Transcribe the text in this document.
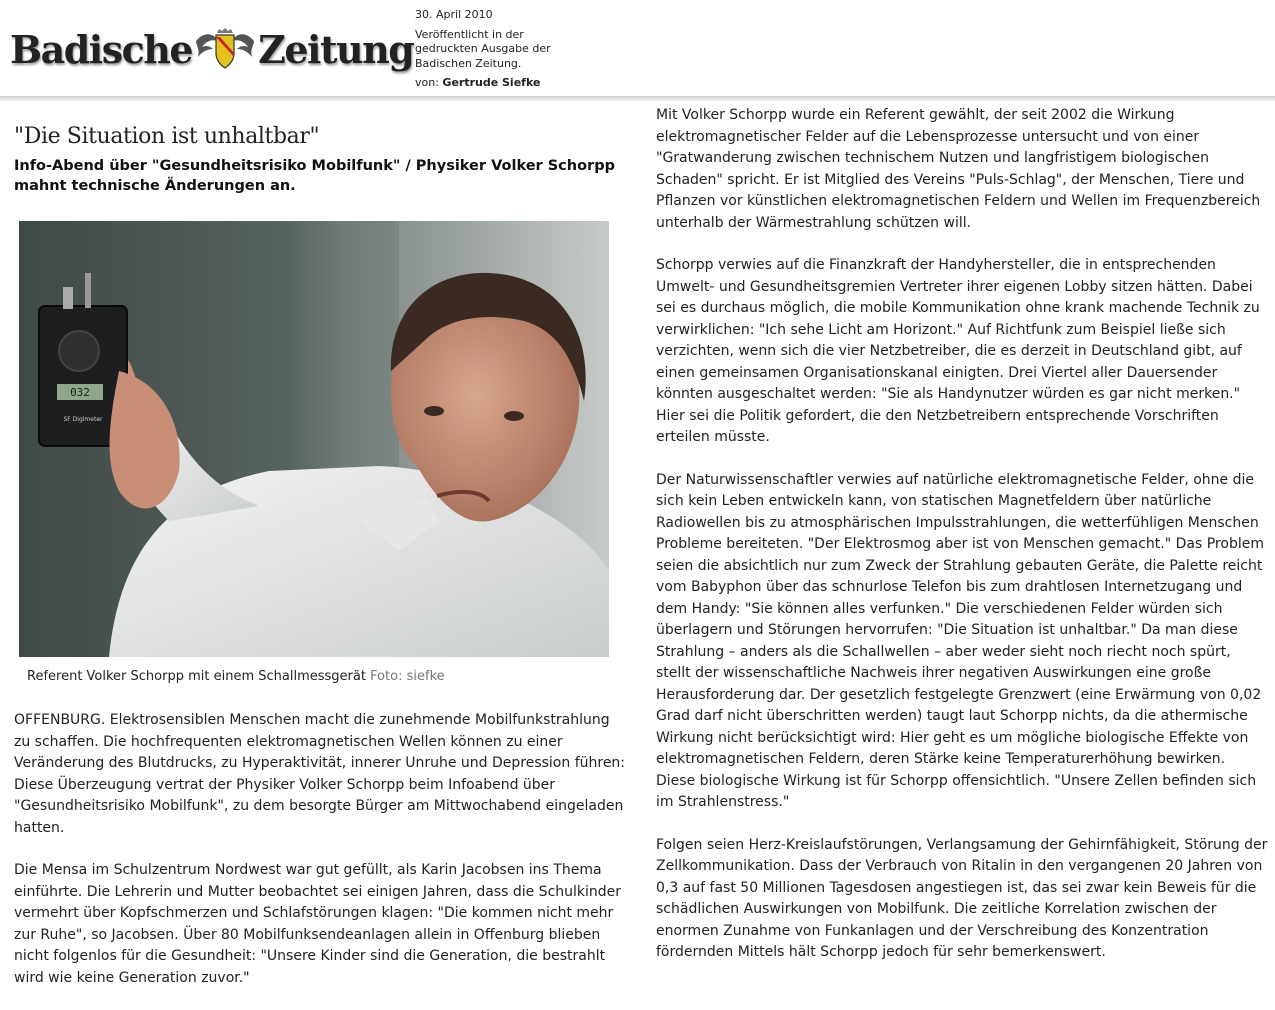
Badische Zeitung
30. April 2010
Veröffentlicht in der gedruckten Ausgabe der Badischen Zeitung.
von: Gertrude Siefke
"Die Situation ist unhaltbar"
Info-Abend über "Gesundheitsrisiko Mobilfunk" / Physiker Volker Schorpp mahnt technische Änderungen an.
032
SF Digimeter
Referent Volker Schorpp mit einem Schallmessgerät Foto: siefke

OFFENBURG. Elektrosensiblen Menschen macht die zunehmende Mobilfunkstrahlung zu schaffen. Die hochfrequenten elektromagnetischen Wellen können zu einer Veränderung des Blutdrucks, zu Hyperaktivität, innerer Unruhe und Depression führen: Diese Überzeugung vertrat der Physiker Volker Schorpp beim Infoabend über "Gesundheitsrisiko Mobilfunk", zu dem besorgte Bürger am Mittwochabend eingeladen hatten.

Die Mensa im Schulzentrum Nordwest war gut gefüllt, als Karin Jacobsen ins Thema einführte. Die Lehrerin und Mutter beobachtet sei einigen Jahren, dass die Schulkinder vermehrt über Kopfschmerzen und Schlafstörungen klagen: "Die kommen nicht mehr zur Ruhe", so Jacobsen. Über 80 Mobilfunksendeanlagen allein in Offenburg blieben nicht folgenlos für die Gesundheit: "Unsere Kinder sind die Generation, die bestrahlt wird wie keine Generation zuvor."

Mit Volker Schorpp wurde ein Referent gewählt, der seit 2002 die Wirkung elektromagnetischer Felder auf die Lebensprozesse untersucht und von einer "Gratwanderung zwischen technischem Nutzen und langfristigem biologischen Schaden" spricht. Er ist Mitglied des Vereins "Puls-Schlag", der Menschen, Tiere und Pflanzen vor künstlichen elektromagnetischen Feldern und Wellen im Frequenzbereich unterhalb der Wärmestrahlung schützen will.

Schorpp verwies auf die Finanzkraft der Handyhersteller, die in entsprechenden Umwelt- und Gesundheitsgremien Vertreter ihrer eigenen Lobby sitzen hätten. Dabei sei es durchaus möglich, die mobile Kommunikation ohne krank machende Technik zu verwirklichen: "Ich sehe Licht am Horizont." Auf Richtfunk zum Beispiel ließe sich verzichten, wenn sich die vier Netzbetreiber, die es derzeit in Deutschland gibt, auf einen gemeinsamen Organisationskanal einigten. Drei Viertel aller Dauersender könnten ausgeschaltet werden: "Sie als Handynutzer würden es gar nicht merken." Hier sei die Politik gefordert, die den Netzbetreibern entsprechende Vorschriften erteilen müsste.

Der Naturwissenschaftler verwies auf natürliche elektromagnetische Felder, ohne die sich kein Leben entwickeln kann, von statischen Magnetfeldern über natürliche Radiowellen bis zu atmosphärischen Impulsstrahlungen, die wetterfühligen Menschen Probleme bereiteten. "Der Elektrosmog aber ist von Menschen gemacht." Das Problem seien die absichtlich nur zum Zweck der Strahlung gebauten Geräte, die Palette reicht vom Babyphon über das schnurlose Telefon bis zum drahtlosen Internetzugang und dem Handy: "Sie können alles verfunken." Die verschiedenen Felder würden sich überlagern und Störungen hervorrufen: "Die Situation ist unhaltbar." Da man diese Strahlung – anders als die Schallwellen – aber weder sieht noch riecht noch spürt, stellt der wissenschaftliche Nachweis ihrer negativen Auswirkungen eine große Herausforderung dar. Der gesetzlich festgelegte Grenzwert (eine Erwärmung von 0,02 Grad darf nicht überschritten werden) taugt laut Schorpp nichts, da die athermische Wirkung nicht berücksichtigt wird: Hier geht es um mögliche biologische Effekte von elektromagnetischen Feldern, deren Stärke keine Temperaturerhöhung bewirken. Diese biologische Wirkung ist für Schorpp offensichtlich. "Unsere Zellen befinden sich im Strahlenstress."

Folgen seien Herz-Kreislaufstörungen, Verlangsamung der Gehirnfähigkeit, Störung der Zellkommunikation. Dass der Verbrauch von Ritalin in den vergangenen 20 Jahren von 0,3 auf fast 50 Millionen Tagesdosen angestiegen ist, das sei zwar kein Beweis für die schädlichen Auswirkungen von Mobilfunk. Die zeitliche Korrelation zwischen der enormen Zunahme von Funkanlagen und der Verschreibung des Konzentration fördernden Mittels hält Schorpp jedoch für sehr bemerkenswert.
